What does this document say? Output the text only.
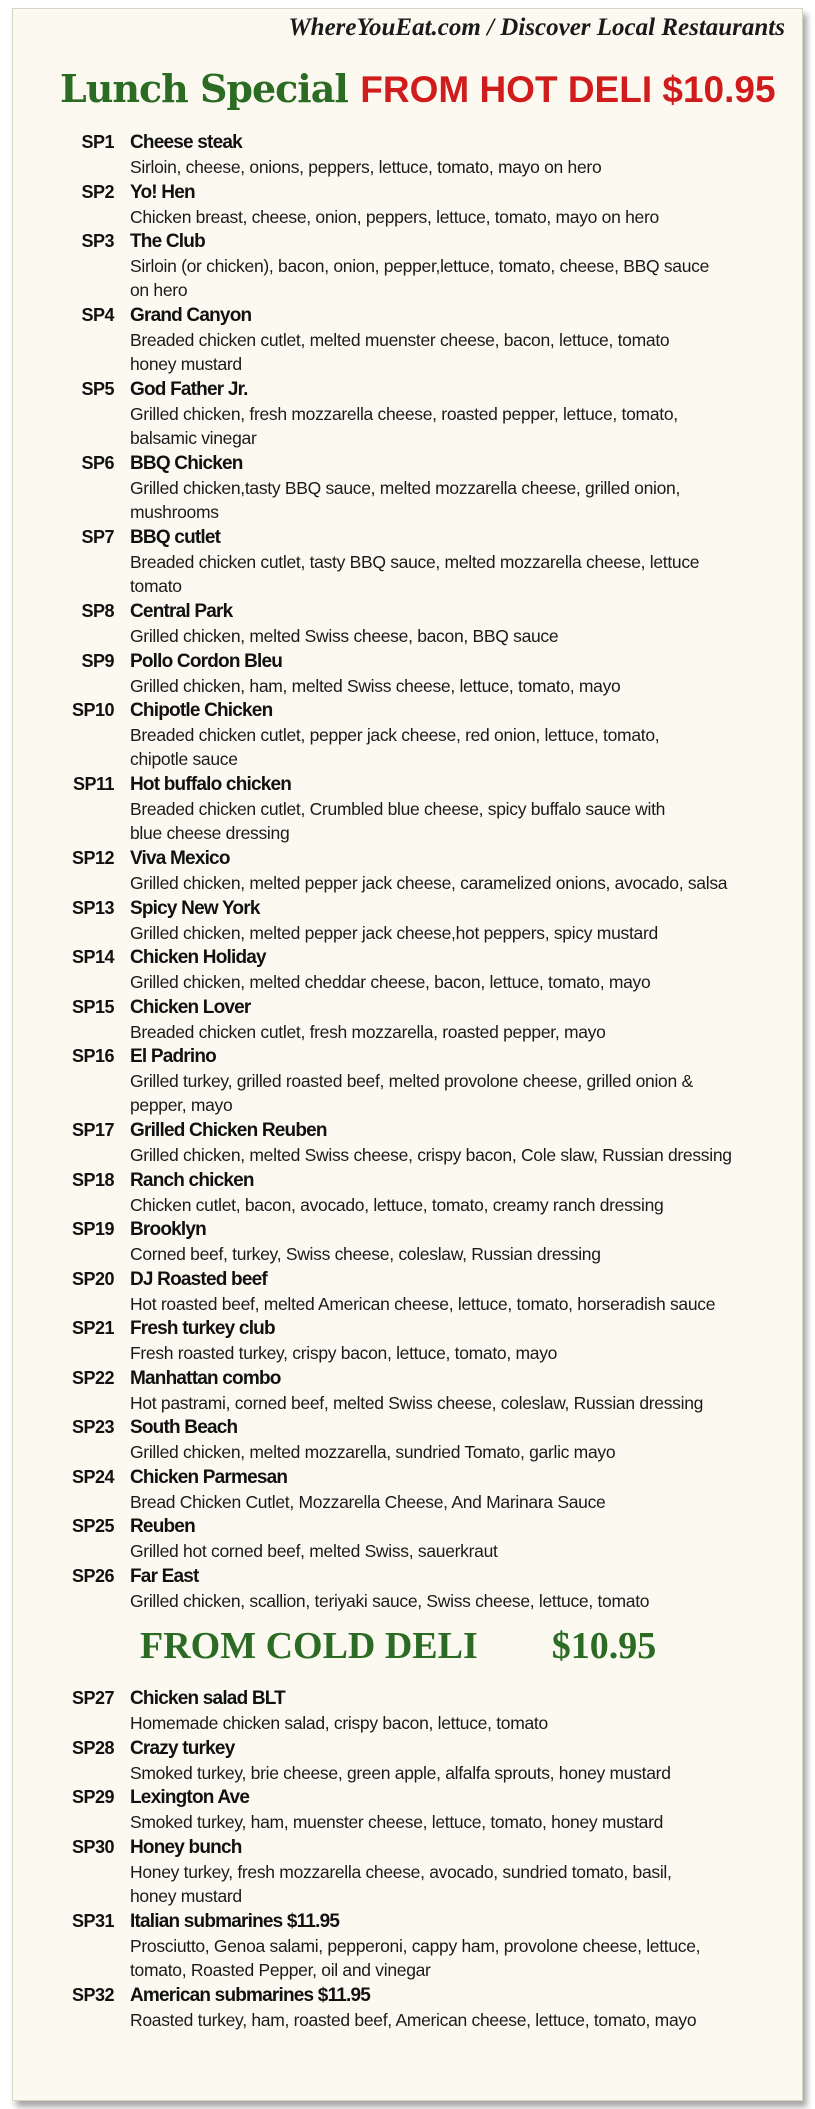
WhereYouEat.com / Discover Local Restaurants
Lunch Special FROM HOT DELI $10.95
FROM COLD DELI $10.95
SP1 Cheese steak
Sirloin, cheese, onions, peppers, lettuce, tomato, mayo on hero
SP2 Yo! Hen
Chicken breast, cheese, onion, peppers, lettuce, tomato, mayo on hero
SP3 The Club
Sirloin (or chicken), bacon, onion, pepper,lettuce, tomato, cheese, BBQ sauce
on hero
SP4 Grand Canyon
Breaded chicken cutlet, melted muenster cheese, bacon, lettuce, tomato
honey mustard
SP5 God Father Jr.
Grilled chicken, fresh mozzarella cheese, roasted pepper, lettuce, tomato,
balsamic vinegar
SP6 BBQ Chicken
Grilled chicken,tasty BBQ sauce, melted mozzarella cheese, grilled onion,
mushrooms
SP7 BBQ cutlet
Breaded chicken cutlet, tasty BBQ sauce, melted mozzarella cheese, lettuce
tomato
SP8 Central Park
Grilled chicken, melted Swiss cheese, bacon, BBQ sauce
SP9 Pollo Cordon Bleu
Grilled chicken, ham, melted Swiss cheese, lettuce, tomato, mayo
SP10 Chipotle Chicken
Breaded chicken cutlet, pepper jack cheese, red onion, lettuce, tomato,
chipotle sauce
SP11 Hot buffalo chicken
Breaded chicken cutlet, Crumbled blue cheese, spicy buffalo sauce with
blue cheese dressing
SP12 Viva Mexico
Grilled chicken, melted pepper jack cheese, caramelized onions, avocado, salsa
SP13 Spicy New York
Grilled chicken, melted pepper jack cheese,hot peppers, spicy mustard
SP14 Chicken Holiday
Grilled chicken, melted cheddar cheese, bacon, lettuce, tomato, mayo
SP15 Chicken Lover
Breaded chicken cutlet, fresh mozzarella, roasted pepper, mayo
SP16 El Padrino
Grilled turkey, grilled roasted beef, melted provolone cheese, grilled onion &
pepper, mayo
SP17 Grilled Chicken Reuben
Grilled chicken, melted Swiss cheese, crispy bacon, Cole slaw, Russian dressing
SP18 Ranch chicken
Chicken cutlet, bacon, avocado, lettuce, tomato, creamy ranch dressing
SP19 Brooklyn
Corned beef, turkey, Swiss cheese, coleslaw, Russian dressing
SP20 DJ Roasted beef
Hot roasted beef, melted American cheese, lettuce, tomato, horseradish sauce
SP21 Fresh turkey club
Fresh roasted turkey, crispy bacon, lettuce, tomato, mayo
SP22 Manhattan combo
Hot pastrami, corned beef, melted Swiss cheese, coleslaw, Russian dressing
SP23 South Beach
Grilled chicken, melted mozzarella, sundried Tomato, garlic mayo
SP24 Chicken Parmesan
Bread Chicken Cutlet, Mozzarella Cheese, And Marinara Sauce
SP25 Reuben
Grilled hot corned beef, melted Swiss, sauerkraut
SP26 Far East
Grilled chicken, scallion, teriyaki sauce, Swiss cheese, lettuce, tomato
SP27 Chicken salad BLT
Homemade chicken salad, crispy bacon, lettuce, tomato
SP28 Crazy turkey
Smoked turkey, brie cheese, green apple, alfalfa sprouts, honey mustard
SP29 Lexington Ave
Smoked turkey, ham, muenster cheese, lettuce, tomato, honey mustard
SP30 Honey bunch
Honey turkey, fresh mozzarella cheese, avocado, sundried tomato, basil,
honey mustard
SP31 Italian submarines $11.95
Prosciutto, Genoa salami, pepperoni, cappy ham, provolone cheese, lettuce,
tomato, Roasted Pepper, oil and vinegar
SP32 American submarines $11.95
Roasted turkey, ham, roasted beef, American cheese, lettuce, tomato, mayo
